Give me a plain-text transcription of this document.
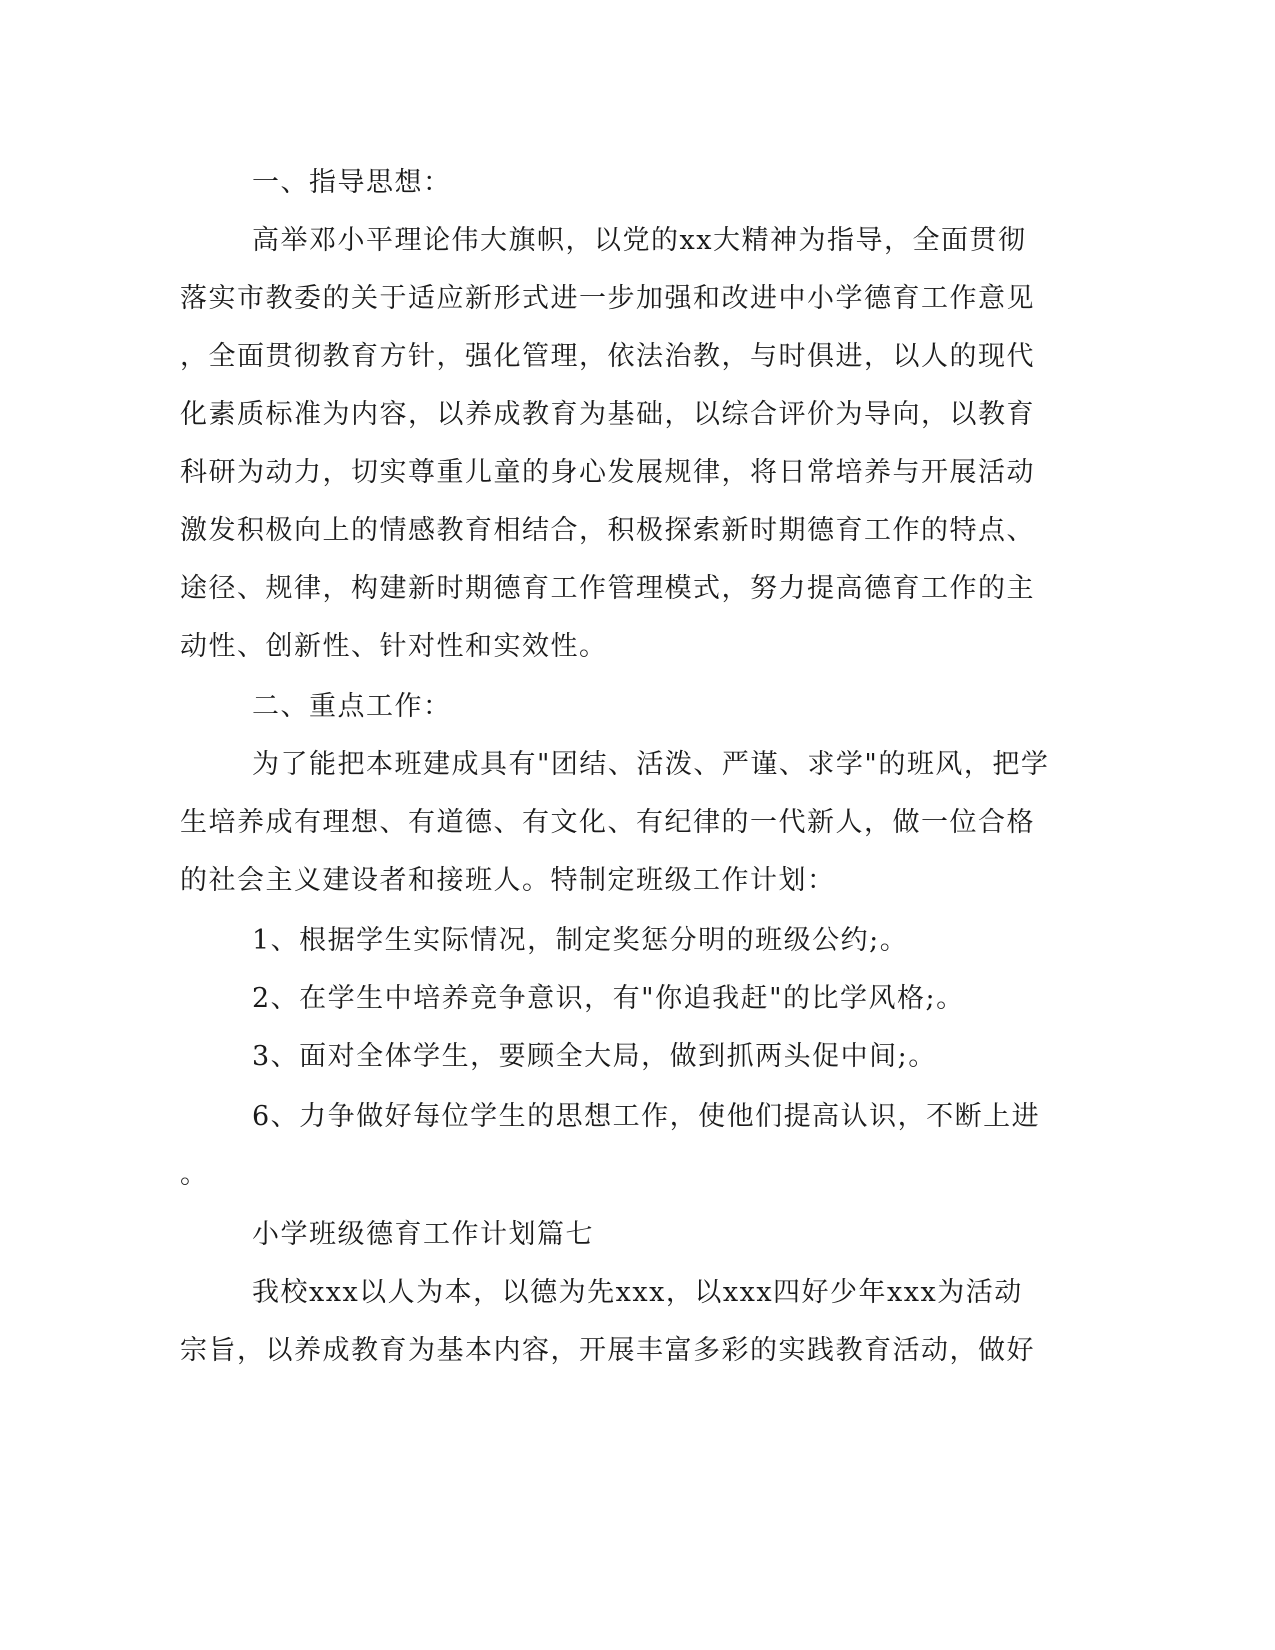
一、指导思想：

高举邓小平理论伟大旗帜，以党的xx大精神为指导，全面贯彻

落实市教委的关于适应新形式进一步加强和改进中小学德育工作意见

，全面贯彻教育方针，强化管理，依法治教，与时俱进，以人的现代

化素质标准为内容，以养成教育为基础，以综合评价为导向，以教育

科研为动力，切实尊重儿童的身心发展规律，将日常培养与开展活动

激发积极向上的情感教育相结合，积极探索新时期德育工作的特点、

途径、规律，构建新时期德育工作管理模式，努力提高德育工作的主

动性、创新性、针对性和实效性。

二、重点工作：

为了能把本班建成具有"团结、活泼、严谨、求学"的班风，把学

生培养成有理想、有道德、有文化、有纪律的一代新人，做一位合格

的社会主义建设者和接班人。特制定班级工作计划：

1、根据学生实际情况，制定奖惩分明的班级公约;。

2、在学生中培养竞争意识，有"你追我赶"的比学风格;。

3、面对全体学生，要顾全大局，做到抓两头促中间;。

6、力争做好每位学生的思想工作，使他们提高认识，不断上进

。

小学班级德育工作计划篇七

我校xxx以人为本，以德为先xxx，以xxx四好少年xxx为活动

宗旨，以养成教育为基本内容，开展丰富多彩的实践教育活动，做好
